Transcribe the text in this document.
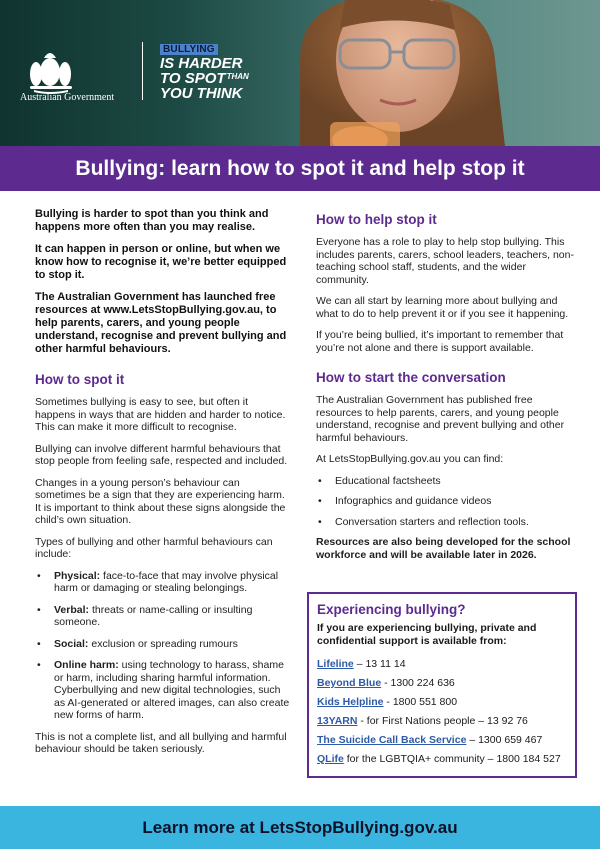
Australian Government
BULLYING
IS HARDER
TO $SPOT^{THAN}$
YOU THINK
Bullying: learn how to spot it and help stop it

Bullying is harder to spot than you think and happens more often than you may realise.

It can happen in person or online, but when we know how to recognise it, we’re better equipped to stop it.

The Australian Government has launched free resources at www.LetsStopBullying.gov.au, to help parents, carers, and young people understand, recognise and prevent bullying and other harmful behaviours.

How to spot it

Sometimes bullying is easy to see, but often it happens in ways that are hidden and harder to notice. This can make it more difficult to recognise.

Bullying can involve different harmful behaviours that stop people from feeling safe, respected and included.

Changes in a young person’s behaviour can sometimes be a sign that they are experiencing harm. It is important to think about these signs alongside the child’s own situation.

Types of bullying and other harmful behaviours can include:

• Physical: face-to-face that may involve physical harm or damaging or stealing belongings.
• Verbal: threats or name-calling or insulting someone.
• Social: exclusion or spreading rumours
• Online harm: using technology to harass, shame or harm, including sharing harmful information. Cyberbullying and new digital technologies, such as AI-generated or altered images, can also create new forms of harm.

This is not a complete list, and all bullying and harmful behaviour should be taken seriously.

How to help stop it

Everyone has a role to play to help stop bullying. This includes parents, carers, school leaders, teachers, non-teaching school staff, students, and the wider community.

We can all start by learning more about bullying and what to do to help prevent it or if you see it happening.

If you’re being bullied, it’s important to remember that you’re not alone and there is support available.

How to start the conversation

The Australian Government has published free resources to help parents, carers, and young people understand, recognise and prevent bullying and other harmful behaviours.

At LetsStopBullying.gov.au you can find:

• Educational factsheets
• Infographics and guidance videos
• Conversation starters and reflection tools.

Resources are also being developed for the school workforce and will be available later in 2026.

Experiencing bullying?
If you are experiencing bullying, private and confidential support is available from:
Lifeline – 13 11 14
Beyond Blue - 1300 224 636
Kids Helpline - 1800 551 800
13YARN - for First Nations people – 13 92 76
The Suicide Call Back Service – 1300 659 467
QLife for the LGBTQIA+ community – 1800 184 527
Learn more at LetsStopBullying.gov.au
